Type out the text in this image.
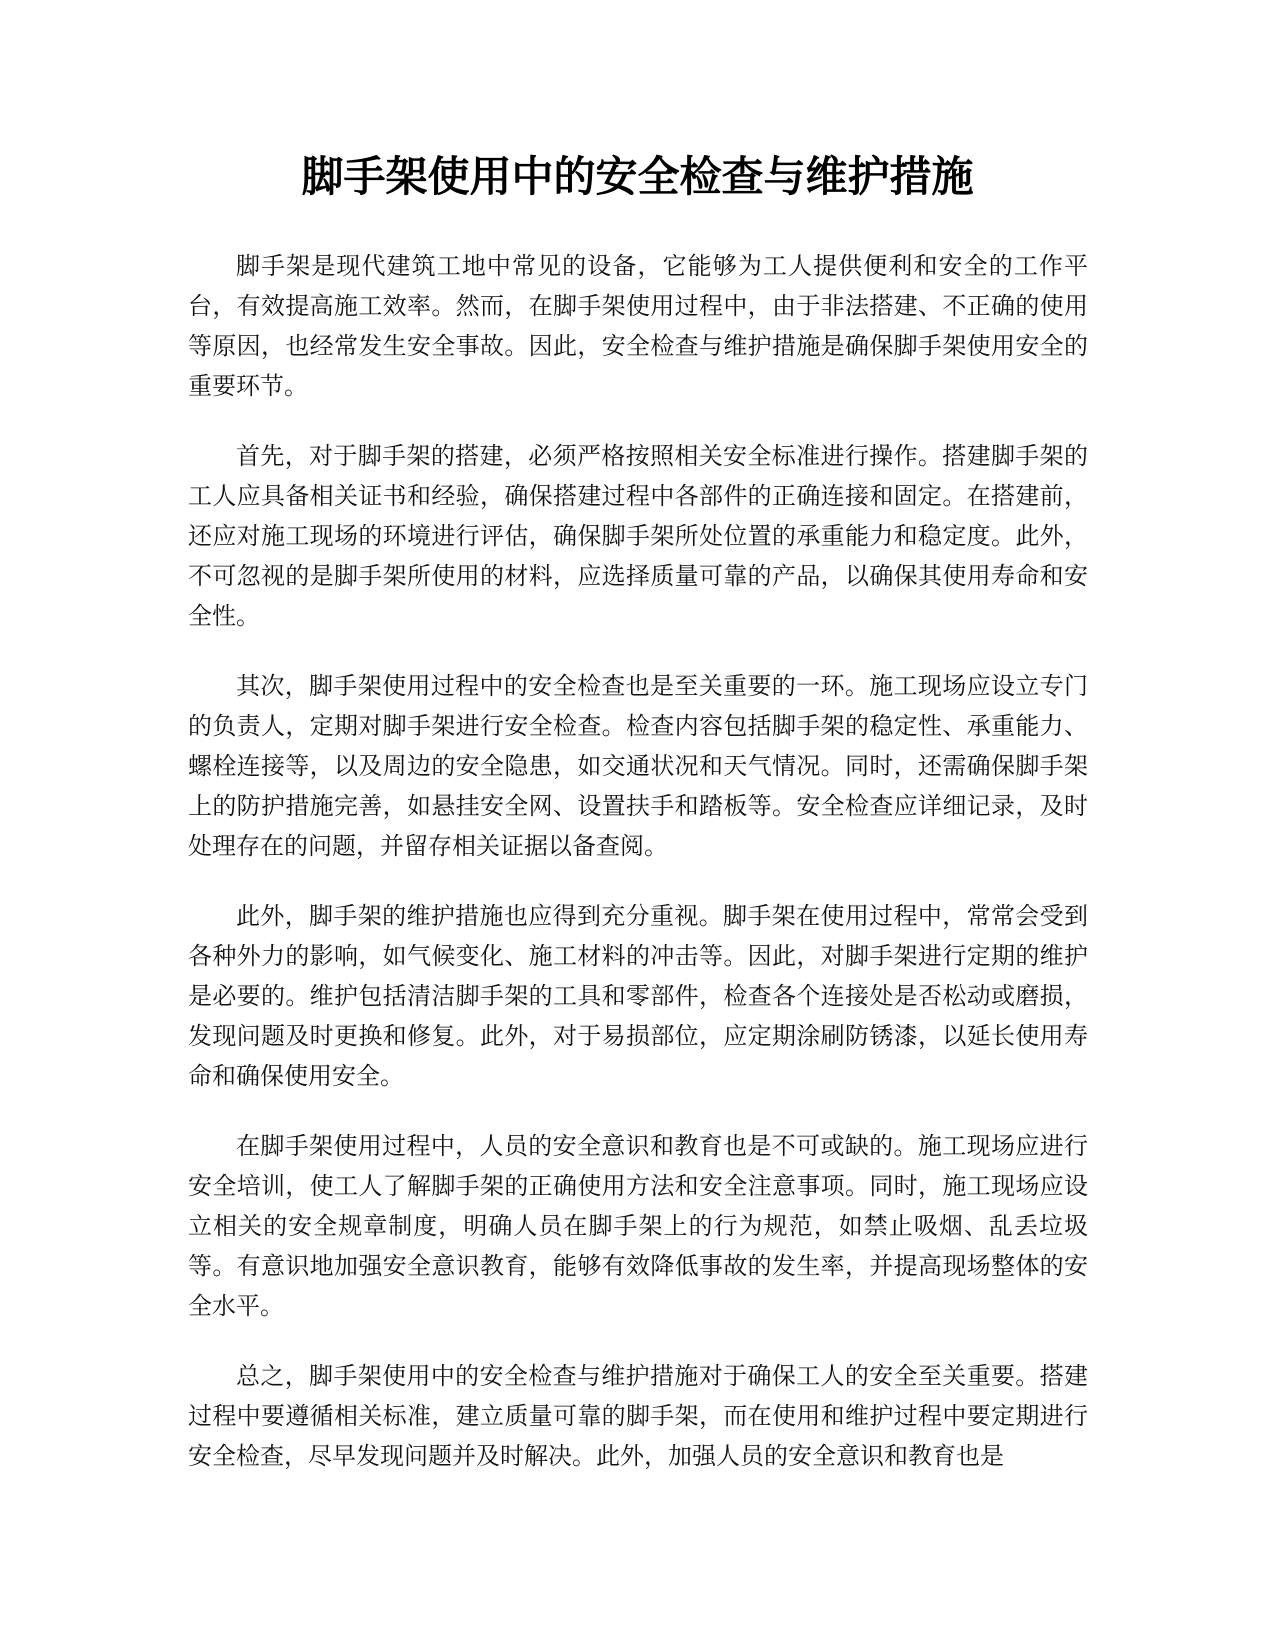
脚手架使用中的安全检查与维护措施

脚手架是现代建筑工地中常见的设备，它能够为工人提供便利和安全的工作平台，有效提高施工效率。然而，在脚手架使用过程中，由于非法搭建、不正确的使用等原因，也经常发生安全事故。因此，安全检查与维护措施是确保脚手架使用安全的重要环节。

首先，对于脚手架的搭建，必须严格按照相关安全标准进行操作。搭建脚手架的工人应具备相关证书和经验，确保搭建过程中各部件的正确连接和固定。在搭建前，还应对施工现场的环境进行评估，确保脚手架所处位置的承重能力和稳定度。此外，不可忽视的是脚手架所使用的材料，应选择质量可靠的产品，以确保其使用寿命和安全性。

其次，脚手架使用过程中的安全检查也是至关重要的一环。施工现场应设立专门的负责人，定期对脚手架进行安全检查。检查内容包括脚手架的稳定性、承重能力、螺栓连接等，以及周边的安全隐患，如交通状况和天气情况。同时，还需确保脚手架上的防护措施完善，如悬挂安全网、设置扶手和踏板等。安全检查应详细记录，及时处理存在的问题，并留存相关证据以备查阅。

此外，脚手架的维护措施也应得到充分重视。脚手架在使用过程中，常常会受到各种外力的影响，如气候变化、施工材料的冲击等。因此，对脚手架进行定期的维护是必要的。维护包括清洁脚手架的工具和零部件，检查各个连接处是否松动或磨损，发现问题及时更换和修复。此外，对于易损部位，应定期涂刷防锈漆，以延长使用寿命和确保使用安全。

在脚手架使用过程中，人员的安全意识和教育也是不可或缺的。施工现场应进行安全培训，使工人了解脚手架的正确使用方法和安全注意事项。同时，施工现场应设立相关的安全规章制度，明确人员在脚手架上的行为规范，如禁止吸烟、乱丢垃圾等。有意识地加强安全意识教育，能够有效降低事故的发生率，并提高现场整体的安全水平。

总之，脚手架使用中的安全检查与维护措施对于确保工人的安全至关重要。搭建过程中要遵循相关标准，建立质量可靠的脚手架，而在使用和维护过程中要定期进行安全检查，尽早发现问题并及时解决。此外，加强人员的安全意识和教育也是
